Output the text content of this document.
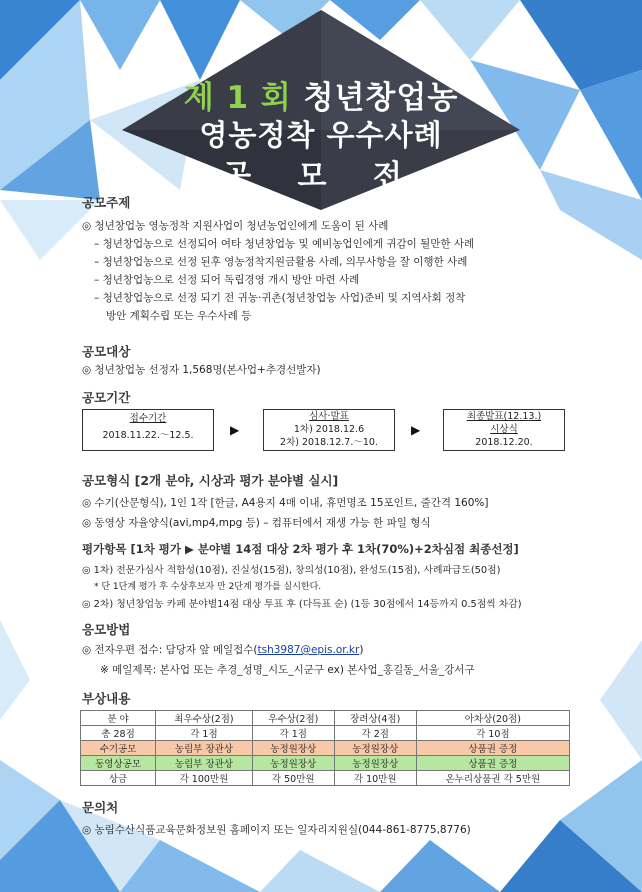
제 1 회 청년창업농
영농정착 우수사례
공 모 전
공모주제
◎ 청년창업농 영농정착 지원사업이 청년농업인에게 도움이 된 사례
– 청년창업농으로 선정되어 여타 청년창업농 및 예비농업인에게 귀감이 될만한 사례
– 청년창업농으로 선정 된후 영농정착지원금활용 사례, 의무사항을 잘 이행한 사례
– 청년창업농으로 선정 되어 독립경영 개시 방안 마련 사례
– 청년창업농으로 선정 되기 전 귀농·귀촌(청년창업농 사업)준비 및 지역사회 정착
방안 계획수립 또는 우수사례 등
공모대상
◎ 청년창업농 선정자 1,568명(본사업+추경선발자)
공모기간
접수기간
2018.11.22.～12.5.	▶
심사·발표
1차) 2018.12.6
2차) 2018.12.7.～10.
▶
최종발표(12.13.)
시상식
2018.12.20.
공모형식 [2개 분야, 시상과 평가 분야별 실시]
◎ 수기(산문형식), 1인 1작 [한글, A4용지 4매 이내, 휴먼명조 15포인트, 줄간격 160%]
◎ 동영상 자율양식(avi,mp4,mpg 등) – 컴퓨터에서 재생 가능 한 파일 형식
평가항목 [1차 평가 ▶ 분야별 14점 대상 2차 평가 후 1차(70%)+2차심점 최종선정]
◎ 1차) 전문가심사 적합성(10점), 진실성(15점), 창의성(10점), 완성도(15점), 사례파급도(50점)
* 단 1단계 평가 후 수상후보자 만 2단계 평가를 실시한다.
◎ 2차) 청년창업농 카페 분야별14점 대상 투표 후 (다득표 순) (1등 30점에서 14등까지 0.5점씩 차감)
응모방법
◎ 전자우편 접수: 담당자 앞 메일접수(tsh3987@epis.or.kr)
※ 메일제목: 본사업 또는 추경_성명_시도_시군구 ex) 본사업_홍길동_서울_강서구
부상내용
분 야	최우수상(2점)	우수상(2점)	장려상(4점)	아차상(20점)
총 28점	각 1점	각 1점	각 2점	각 10점
수기공모	농림부 장관상	농정원장상	농정원장상	상품권 증정
동영상공모	농림부 장관상	농정원장상	농정원장상	상품권 증정
상금	각 100만원	각 50만원	각 10만원	온누리상품권 각 5만원
문의처
◎ 농림수산식품교육문화정보원 홈페이지 또는 일자리지원실(044-861-8775,8776)
